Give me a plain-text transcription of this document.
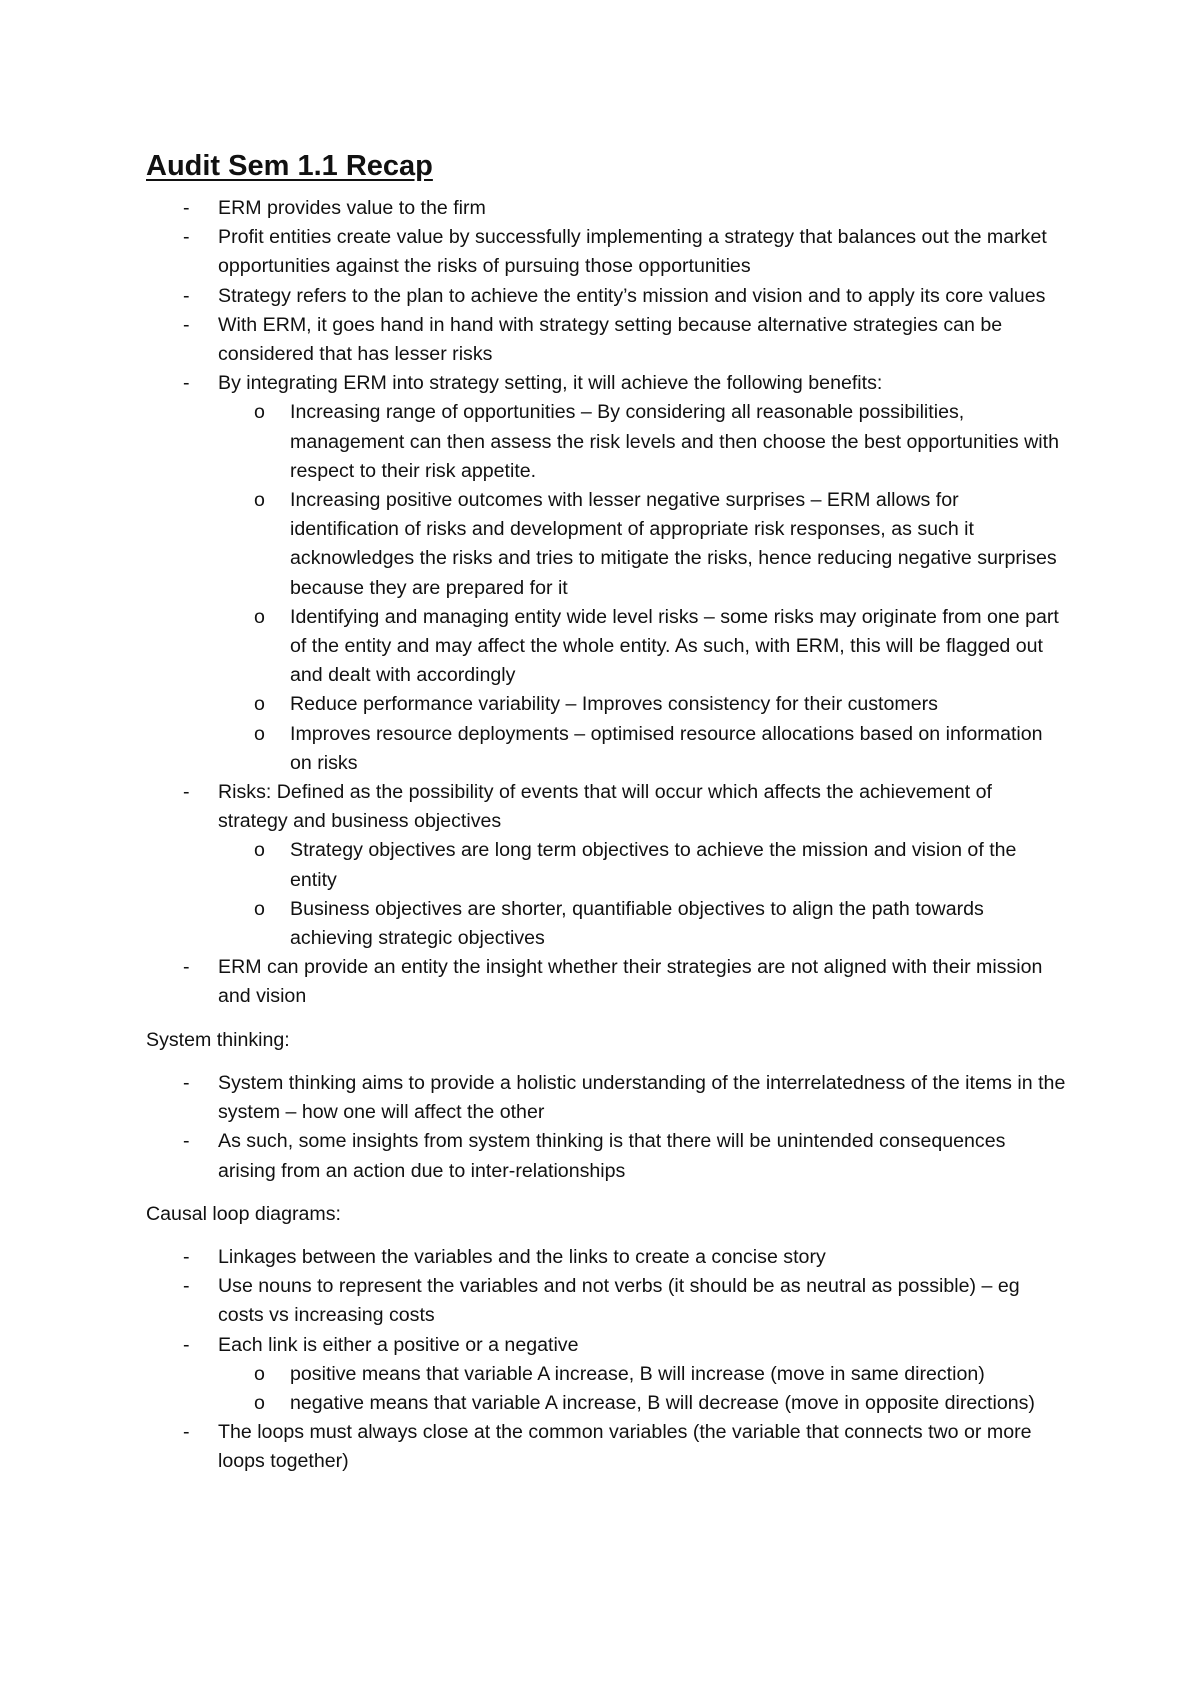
Audit Sem 1.1 Recap
- ERM provides value to the firm
- Profit entities create value by successfully implementing a strategy that balances out the market opportunities against the risks of pursuing those opportunities
- Strategy refers to the plan to achieve the entity’s mission and vision and to apply its core values
- With ERM, it goes hand in hand with strategy setting because alternative strategies can be considered that has lesser risks
- By integrating ERM into strategy setting, it will achieve the following benefits:
o Increasing range of opportunities – By considering all reasonable possibilities, management can then assess the risk levels and then choose the best opportunities with respect to their risk appetite.
o Increasing positive outcomes with lesser negative surprises – ERM allows for identification of risks and development of appropriate risk responses, as such it acknowledges the risks and tries to mitigate the risks, hence reducing negative surprises because they are prepared for it
o Identifying and managing entity wide level risks – some risks may originate from one part of the entity and may affect the whole entity. As such, with ERM, this will be flagged out and dealt with accordingly
o Reduce performance variability – Improves consistency for their customers
o Improves resource deployments – optimised resource allocations based on information on risks
- Risks: Defined as the possibility of events that will occur which affects the achievement of strategy and business objectives
o Strategy objectives are long term objectives to achieve the mission and vision of the entity
o Business objectives are shorter, quantifiable objectives to align the path towards achieving strategic objectives
- ERM can provide an entity the insight whether their strategies are not aligned with their mission and vision
System thinking:
- System thinking aims to provide a holistic understanding of the interrelatedness of the items in the system – how one will affect the other
- As such, some insights from system thinking is that there will be unintended consequences arising from an action due to inter-relationships
Causal loop diagrams:
- Linkages between the variables and the links to create a concise story
- Use nouns to represent the variables and not verbs (it should be as neutral as possible) – eg costs vs increasing costs
- Each link is either a positive or a negative
o positive means that variable A increase, B will increase (move in same direction)
o negative means that variable A increase, B will decrease (move in opposite directions)
- The loops must always close at the common variables (the variable that connects two or more loops together)
